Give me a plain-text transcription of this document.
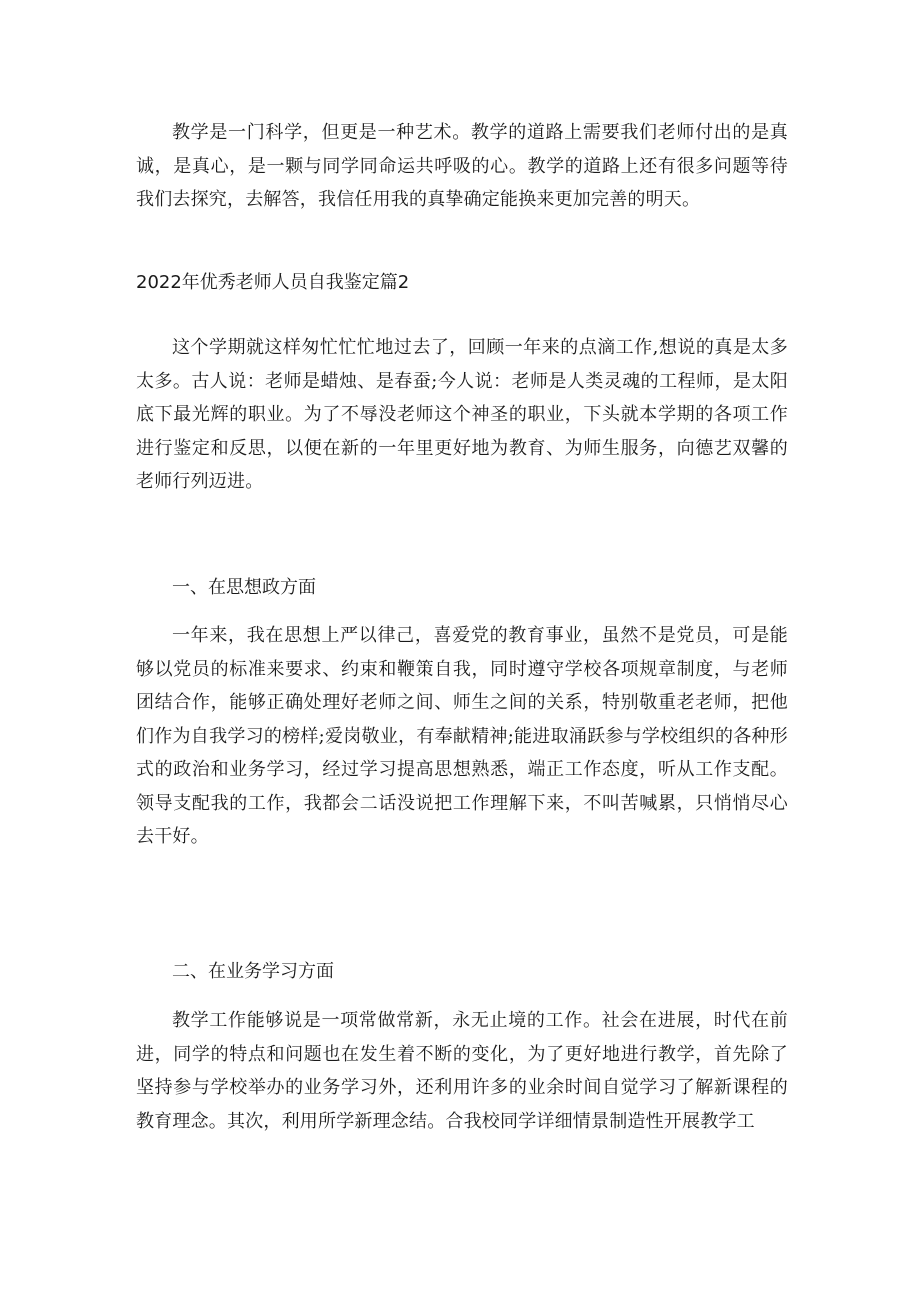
教学是一门科学，但更是一种艺术。教学的道路上需要我们老师付出的是真诚，是真心，是一颗与同学同命运共呼吸的心。教学的道路上还有很多问题等待我们去探究，去解答，我信任用我的真挚确定能换来更加完善的明天。

2022年优秀老师人员自我鉴定篇2

这个学期就这样匆忙忙忙地过去了，回顾一年来的点滴工作,想说的真是太多太多。古人说：老师是蜡烛、是春蚕;今人说：老师是人类灵魂的工程师，是太阳底下最光辉的职业。为了不辱没老师这个神圣的职业，下头就本学期的各项工作进行鉴定和反思，以便在新的一年里更好地为教育、为师生服务，向德艺双馨的老师行列迈进。

一、在思想政方面

一年来，我在思想上严以律己，喜爱党的教育事业，虽然不是党员，可是能够以党员的标准来要求、约束和鞭策自我，同时遵守学校各项规章制度，与老师团结合作，能够正确处理好老师之间、师生之间的关系，特别敬重老老师，把他们作为自我学习的榜样;爱岗敬业，有奉献精神;能进取涌跃参与学校组织的各种形式的政治和业务学习，经过学习提高思想熟悉，端正工作态度，听从工作支配。领导支配我的工作，我都会二话没说把工作理解下来，不叫苦喊累，只悄悄尽心去干好。

二、在业务学习方面

教学工作能够说是一项常做常新，永无止境的工作。社会在进展，时代在前进，同学的特点和问题也在发生着不断的变化，为了更好地进行教学，首先除了坚持参与学校举办的业务学习外，还利用许多的业余时间自觉学习了解新课程的教育理念。其次，利用所学新理念结。合我校同学详细情景制造性开展教学工
